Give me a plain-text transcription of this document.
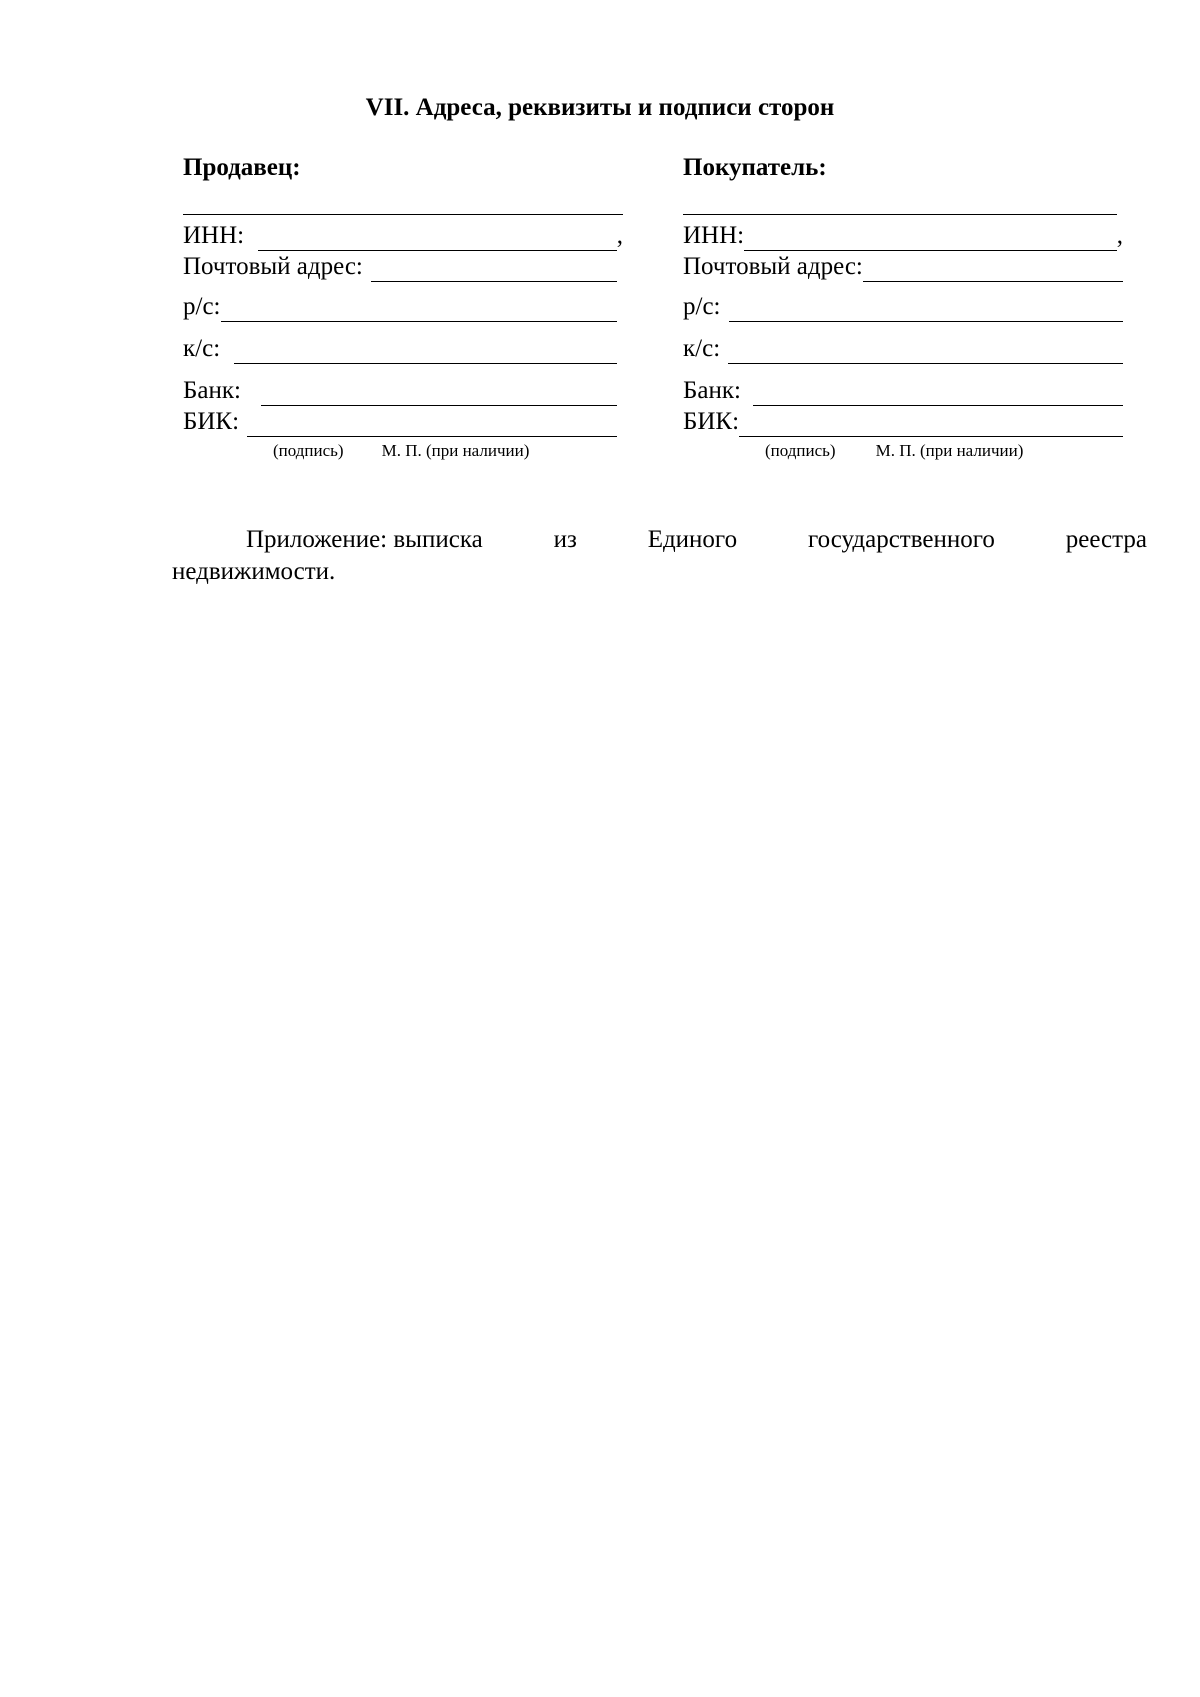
VII. Адреса, реквизиты и подписи сторон
Продавец:
ИНН:	,
Почтовый адрес:
р/с:
к/с:
Банк:
БИК:
(подпись) М. П. (при наличии)
Покупатель:
ИНН:	,
Почтовый адрес:
р/с:
к/с:
Банк:
БИК:
(подпись) М. П. (при наличии)
Приложение: выписка	из	Единого	государственного	реестра
недвижимости.
